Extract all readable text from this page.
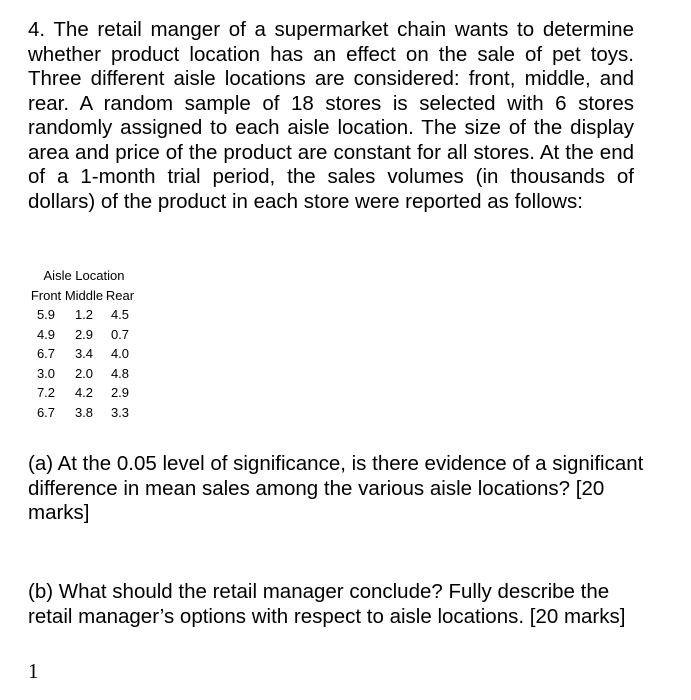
4. The retail manger of a supermarket chain wants to determine whether product location has an effect on the sale of pet toys. Three different aisle locations are considered: front, middle, and rear. A random sample of 18 stores is selected with 6 stores randomly assigned to each aisle location. The size of the display area and price of the product are constant for all stores. At the end of a 1-month trial period, the sales volumes (in thousands of dollars) of the product in each store were reported as follows:

Aisle Location		
Front	Middle	Rear
5.9	1.2	4.5
4.9	2.9	0.7
6.7	3.4	4.0
3.0	2.0	4.8
7.2	4.2	2.9
6.7	3.8	3.3

(a) At the 0.05 level of significance, is there evidence of a significant difference in mean sales among the various aisle locations? [20 marks]

(b) What should the retail manager conclude? Fully describe the retail manager’s options with respect to aisle locations. [20 marks]

1
